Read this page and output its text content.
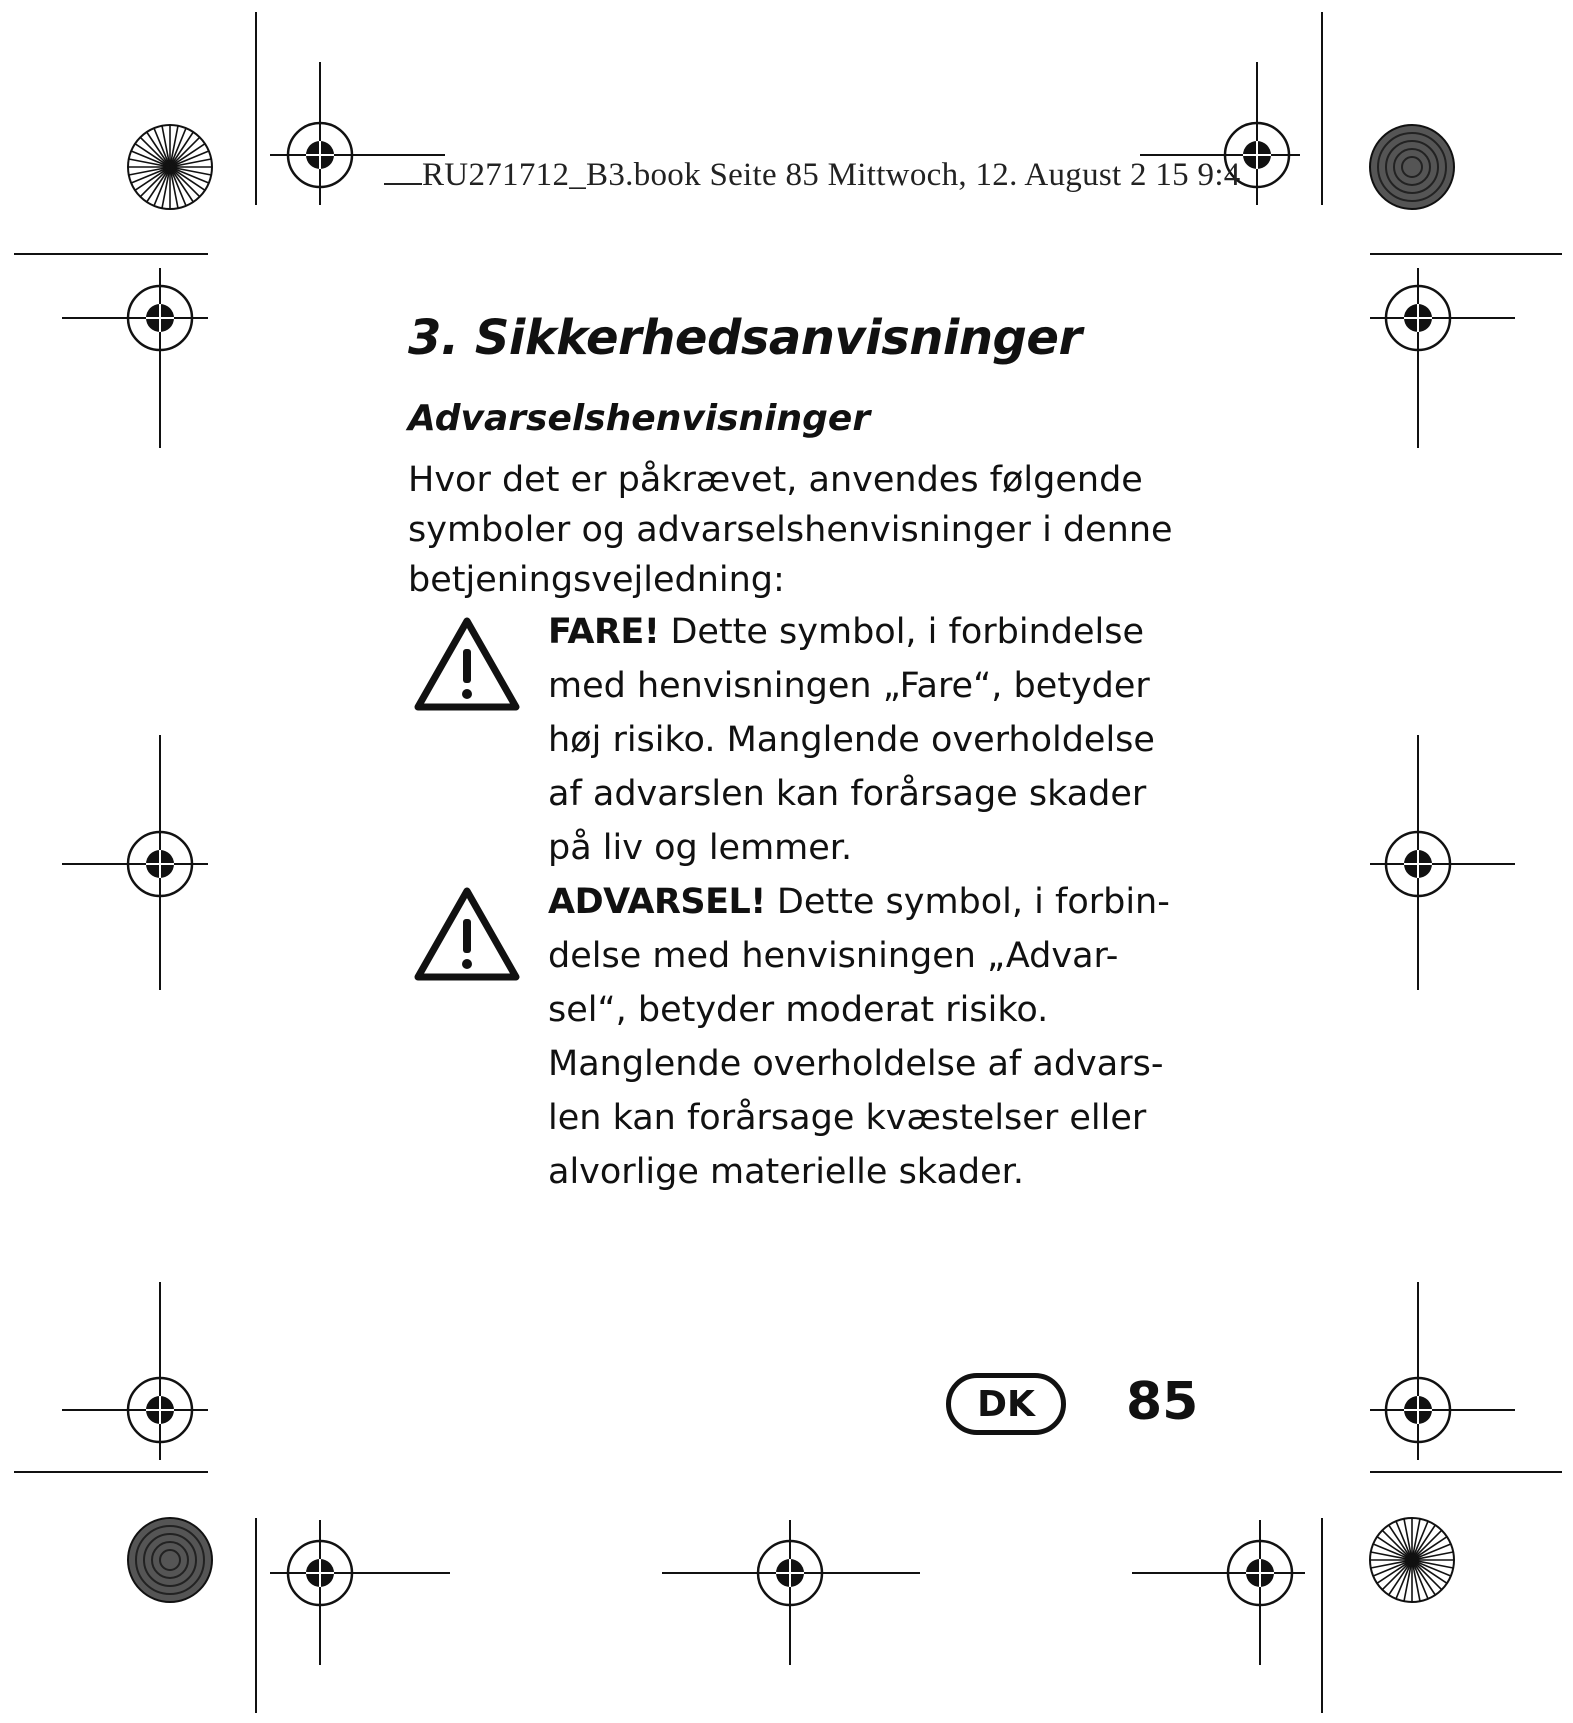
RU271712_B3.book Seite 85 Mittwoch, 12. August 2 15 9:4
3. Sikkerhedsanvisninger
Advarselshenvisninger

Hvor det er påkrævet, anvendes følgende
symboler og advarselshenvisninger i denne
betjeningsvejledning:

FARE! Dette symbol, i forbindelse
med henvisningen „Fare“, betyder
høj risiko. Manglende overholdelse
af advarslen kan forårsage skader
på liv og lemmer.

ADVARSEL! Dette symbol, i forbin-
delse med henvisningen „Advar-
sel“, betyder moderat risiko.
Manglende overholdelse af advars-
len kan forårsage kvæstelser eller
alvorlige materielle skader.

DK	85
